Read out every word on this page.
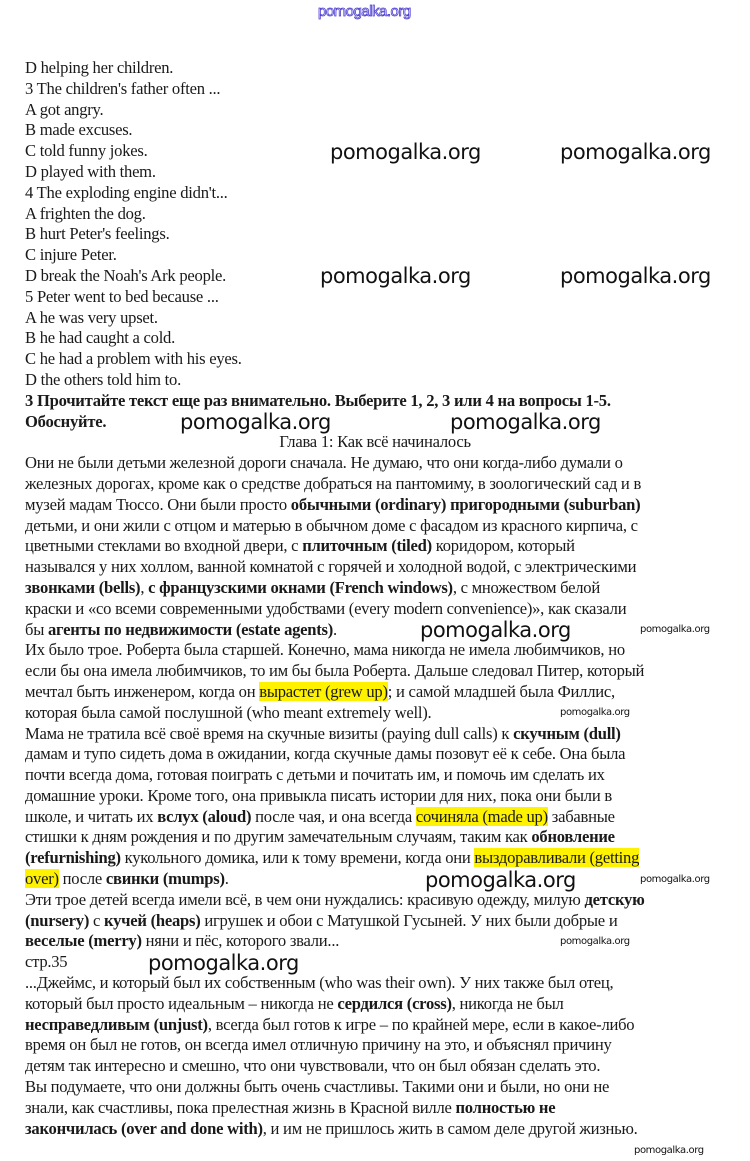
pomogalka.org
D helping her children.
3 The children's father often ...
A got angry.
B made excuses.
C told funny jokes.
D played with them.
4 The exploding engine didn't...
A frighten the dog.
B hurt Peter's feelings.
C injure Peter.
D break the Noah's Ark people.
5 Peter went to bed because ...
A he was very upset.
B he had caught a cold.
C he had a problem with his eyes.
D the others told him to.
3 Прочитайте текст еще раз внимательно. Выберите 1, 2, 3 или 4 на вопросы 1-5.
Обоснуйте.
Глава 1: Как всё начиналось
Они не были детьми железной дороги сначала. Не думаю, что они когда-либо думали о
железных дорогах, кроме как о средстве добраться на пантомиму, в зоологический сад и в
музей мадам Тюссо. Они были просто обычными (ordinary) пригородными (suburban)
детьми, и они жили с отцом и матерью в обычном доме с фасадом из красного кирпича, с
цветными стеклами во входной двери, с плиточным (tiled) коридором, который
назывался у них холлом, ванной комнатой с горячей и холодной водой, с электрическими
звонками (bells), с французскими окнами (French windows), с множеством белой
краски и «со всеми современными удобствами (every modern convenience)», как сказали
бы агенты по недвижимости (estate agents).
Их было трое. Роберта была старшей. Конечно, мама никогда не имела любимчиков, но
если бы она имела любимчиков, то им бы была Роберта. Дальше следовал Питер, который
мечтал быть инженером, когда он вырастет (grew up); и самой младшей была Филлис,
которая была самой послушной (who meant extremely well).
Мама не тратила всё своё время на скучные визиты (paying dull calls) к скучным (dull)
дамам и тупо сидеть дома в ожидании, когда скучные дамы позовут её к себе. Она была
почти всегда дома, готовая поиграть с детьми и почитать им, и помочь им сделать их
домашние уроки. Кроме того, она привыкла писать истории для них, пока они были в
школе, и читать их вслух (aloud) после чая, и она всегда сочиняла (made up) забавные
стишки к дням рождения и по другим замечательным случаям, таким как обновление
(refurnishing) кукольного домика, или к тому времени, когда они выздоравливали (getting
over) после свинки (mumps).
Эти трое детей всегда имели всё, в чем они нуждались: красивую одежду, милую детскую
(nursery) с кучей (heaps) игрушек и обои с Матушкой Гусыней. У них были добрые и
веселые (merry) няни и пёс, которого звали...
стр.35
...Джеймс, и который был их собственным (who was their own). У них также был отец,
который был просто идеальным – никогда не сердился (cross), никогда не был
несправедливым (unjust), всегда был готов к игре – по крайней мере, если в какое-либо
время он был не готов, он всегда имел отличную причину на это, и объяснял причину
детям так интересно и смешно, что они чувствовали, что он был обязан сделать это.
Вы подумаете, что они должны быть очень счастливы. Такими они и были, но они не
знали, как счастливы, пока прелестная жизнь в Красной вилле полностью не
закончилась (over and done with), и им не пришлось жить в самом деле другой жизнью.
pomogalka.org	pomogalka.org
pomogalka.org	pomogalka.org
pomogalka.org	pomogalka.org
pomogalka.org
pomogalka.org
pomogalka.org
pomogalka.org
pomogalka.org
pomogalka.org
pomogalka.org
pomogalka.org
